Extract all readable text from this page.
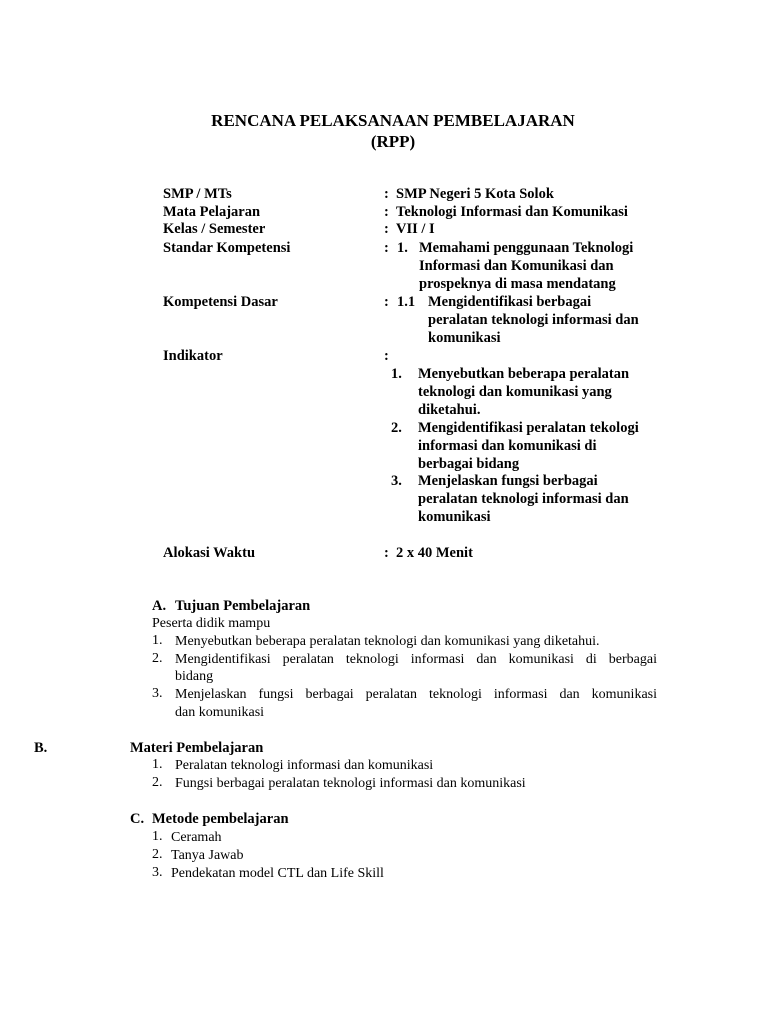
RENCANA PELAKSANAAN PEMBELAJARAN
(RPP)
SMP / MTs	: SMP Negeri 5 Kota Solok
Mata Pelajaran	: Teknologi Informasi dan Komunikasi
Kelas / Semester	: VII / I
Standar Kompetensi	: 1. Memahami penggunaan Teknologi
Informasi dan Komunikasi dan
prospeknya di masa mendatang
Kompetensi Dasar	: 1.1 Mengidentifikasi berbagai
peralatan teknologi informasi dan
komunikasi
Indikator	:
1. Menyebutkan beberapa peralatan
teknologi dan komunikasi yang
diketahui.
2. Mengidentifikasi peralatan tekologi
informasi dan komunikasi di
berbagai bidang
3. Menjelaskan fungsi berbagai
peralatan teknologi informasi dan
komunikasi
Alokasi Waktu	: 2 x 40 Menit
A. Tujuan Pembelajaran
Peserta didik mampu
1. Menyebutkan beberapa peralatan teknologi dan komunikasi yang diketahui.
2. Mengidentifikasi peralatan teknologi informasi dan komunikasi di berbagai
bidang
3. Menjelaskan fungsi berbagai peralatan teknologi informasi dan komunikasi
dan komunikasi
B.	Materi Pembelajaran
1. Peralatan teknologi informasi dan komunikasi
2. Fungsi berbagai peralatan teknologi informasi dan komunikasi
C. Metode pembelajaran
1. Ceramah
2. Tanya Jawab
3. Pendekatan model CTL dan Life Skill
